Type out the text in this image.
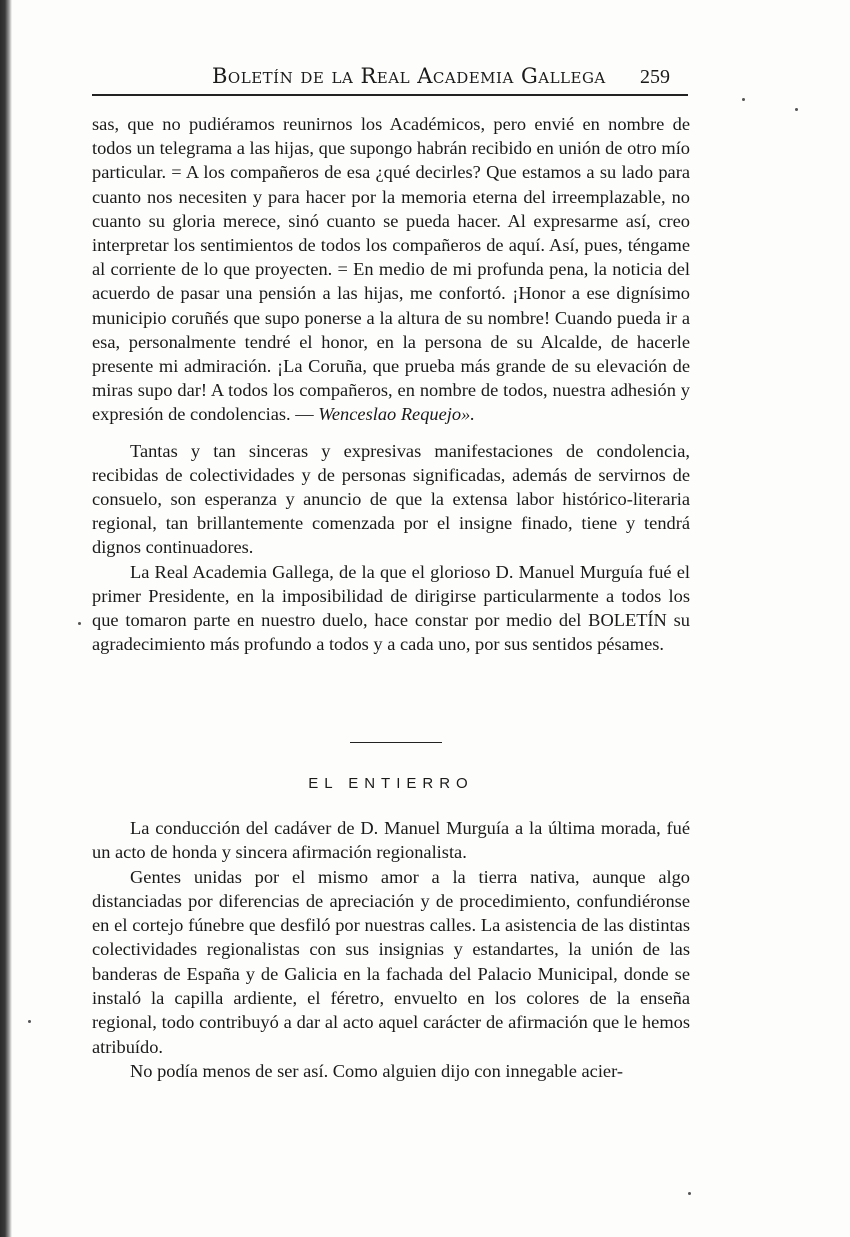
Boletín de la Real Academia Gallega 259

sas, que no pudiéramos reunirnos los Académicos, pero envié en nombre de todos un telegrama a las hijas, que supongo habrán recibido en unión de otro mío particular. = A los compañeros de esa ¿qué decirles? Que estamos a su lado para cuanto nos necesiten y para hacer por la memoria eterna del irreemplazable, no cuanto su gloria merece, sinó cuanto se pueda hacer. Al expresarme así, creo interpretar los sentimientos de todos los compañeros de aquí. Así, pues, téngame al corriente de lo que proyecten. = En medio de mi profunda pena, la noticia del acuerdo de pasar una pensión a las hijas, me confortó. ¡Honor a ese dignísimo municipio coruñés que supo ponerse a la altura de su nombre! Cuando pueda ir a esa, personalmente tendré el honor, en la persona de su Alcalde, de hacerle presente mi admiración. ¡La Coruña, que prueba más grande de su elevación de miras supo dar! A todos los compañeros, en nombre de todos, nuestra adhesión y expresión de condolencias. — Wenceslao Requejo».

Tantas y tan sinceras y expresivas manifestaciones de condolencia, recibidas de colectividades y de personas significadas, además de servirnos de consuelo, son esperanza y anuncio de que la extensa labor histórico-literaria regional, tan brillantemente comenzada por el insigne finado, tiene y tendrá dignos continuadores.

La Real Academia Gallega, de la que el glorioso D. Manuel Murguía fué el primer Presidente, en la imposibilidad de dirigirse particularmente a todos los que tomaron parte en nuestro duelo, hace constar por medio del BOLETÍN su agradecimiento más profundo a todos y a cada uno, por sus sentidos pésames.

EL ENTIERRO

La conducción del cadáver de D. Manuel Murguía a la última morada, fué un acto de honda y sincera afirmación regionalista.

Gentes unidas por el mismo amor a la tierra nativa, aunque algo distanciadas por diferencias de apreciación y de procedimiento, confundiéronse en el cortejo fúnebre que desfiló por nuestras calles. La asistencia de las distintas colectividades regionalistas con sus insignias y estandartes, la unión de las banderas de España y de Galicia en la fachada del Palacio Municipal, donde se instaló la capilla ardiente, el féretro, envuelto en los colores de la enseña regional, todo contribuyó a dar al acto aquel carácter de afirmación que le hemos atribuído.

No podía menos de ser así. Como alguien dijo con innegable acier-
